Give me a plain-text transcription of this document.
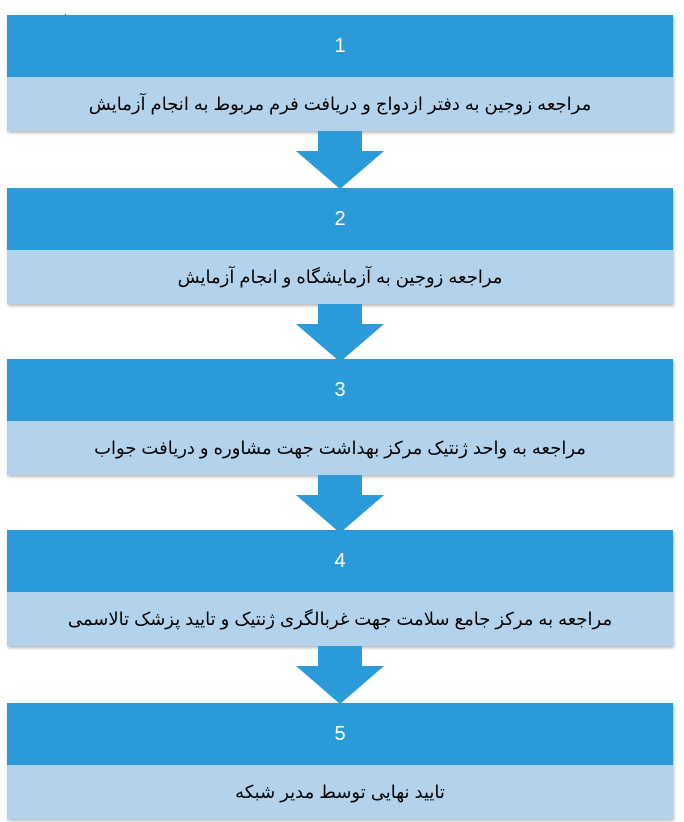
1
مراجعه زوجین به دفتر ازدواج و دریافت فرم مربوط به انجام آزمایش
2
مراجعه زوجین به آزمایشگاه و انجام آزمایش
3
مراجعه به واحد ژنتیک مرکز بهداشت جهت مشاوره و دریافت جواب
4
مراجعه به مرکز جامع سلامت جهت غربالگری ژنتیک و تایید پزشک تالاسمی
5
تایید نهایی توسط مدیر شبکه
